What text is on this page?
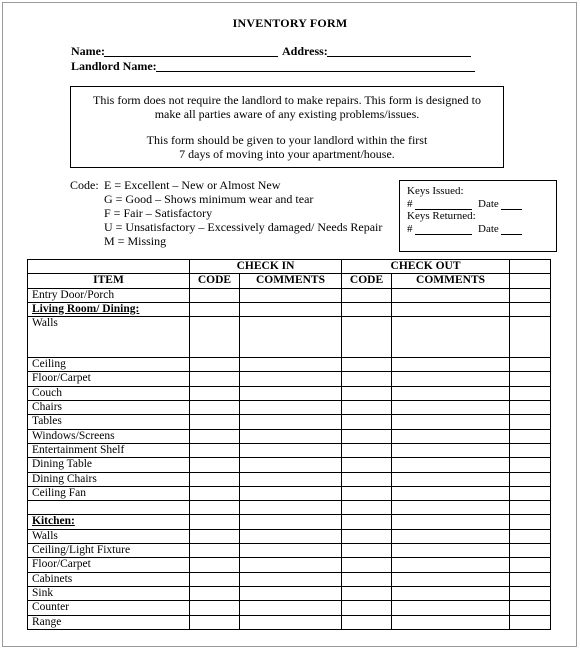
INVENTORY FORM
Name:	Address:
Landlord Name:
This form does not require the landlord to make repairs. This form is designed to
make all parties aware of any existing problems/issues.
This form should be given to your landlord within the first
7 days of moving into your apartment/house.
Code: E = Excellent – New or Almost New
G = Good – Shows minimum wear and tear
F = Fair – Satisfactory
U = Unsatisfactory – Excessively damaged/ Needs Repair
M = Missing
Keys Issued:
#	Date
Keys Returned:
#	Date
	CHECK IN		CHECK OUT		
ITEM	CODE	COMMENTS	CODE	COMMENTS	
Entry Door/Porch					
Living Room/ Dining:					
Walls					
Ceiling					
Floor/Carpet					
Couch					
Chairs					
Tables					
Windows/Screens					
Entertainment Shelf					
Dining Table					
Dining Chairs					
Ceiling Fan					

Kitchen:					
Walls					
Ceiling/Light Fixture					
Floor/Carpet					
Cabinets					
Sink					
Counter					
Range					
